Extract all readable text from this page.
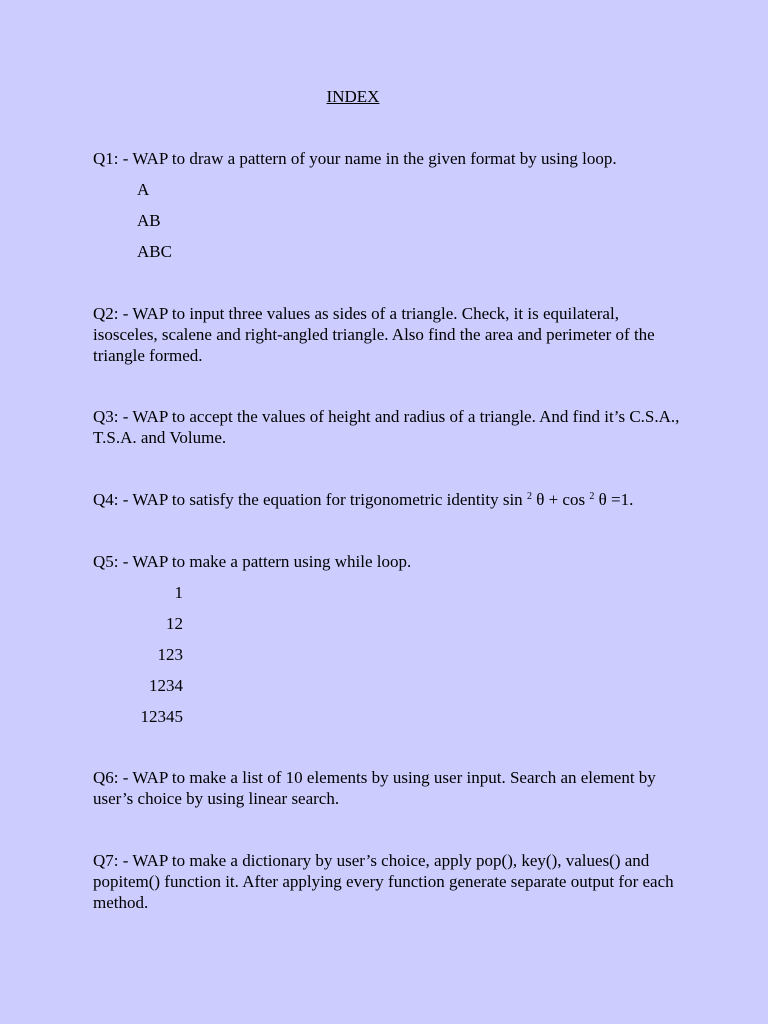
INDEX

Q1: - WAP to draw a pattern of your name in the given format by using loop.

A
AB
ABC

Q2: - WAP to input three values as sides of a triangle. Check, it is equilateral, isosceles, scalene and right-angled triangle. Also find the area and perimeter of the triangle formed.

Q3: - WAP to accept the values of height and radius of a triangle. And find it’s C.S.A., T.S.A. and Volume.

Q4: - WAP to satisfy the equation for trigonometric identity sin $^2$ θ + cos $^2$ θ =1.

Q5: - WAP to make a pattern using while loop.

1
12
123
1234
12345

Q6: - WAP to make a list of 10 elements by using user input. Search an element by user’s choice by using linear search.

Q7: - WAP to make a dictionary by user’s choice, apply pop(), key(), values() and popitem() function it. After applying every function generate separate output for each method.
